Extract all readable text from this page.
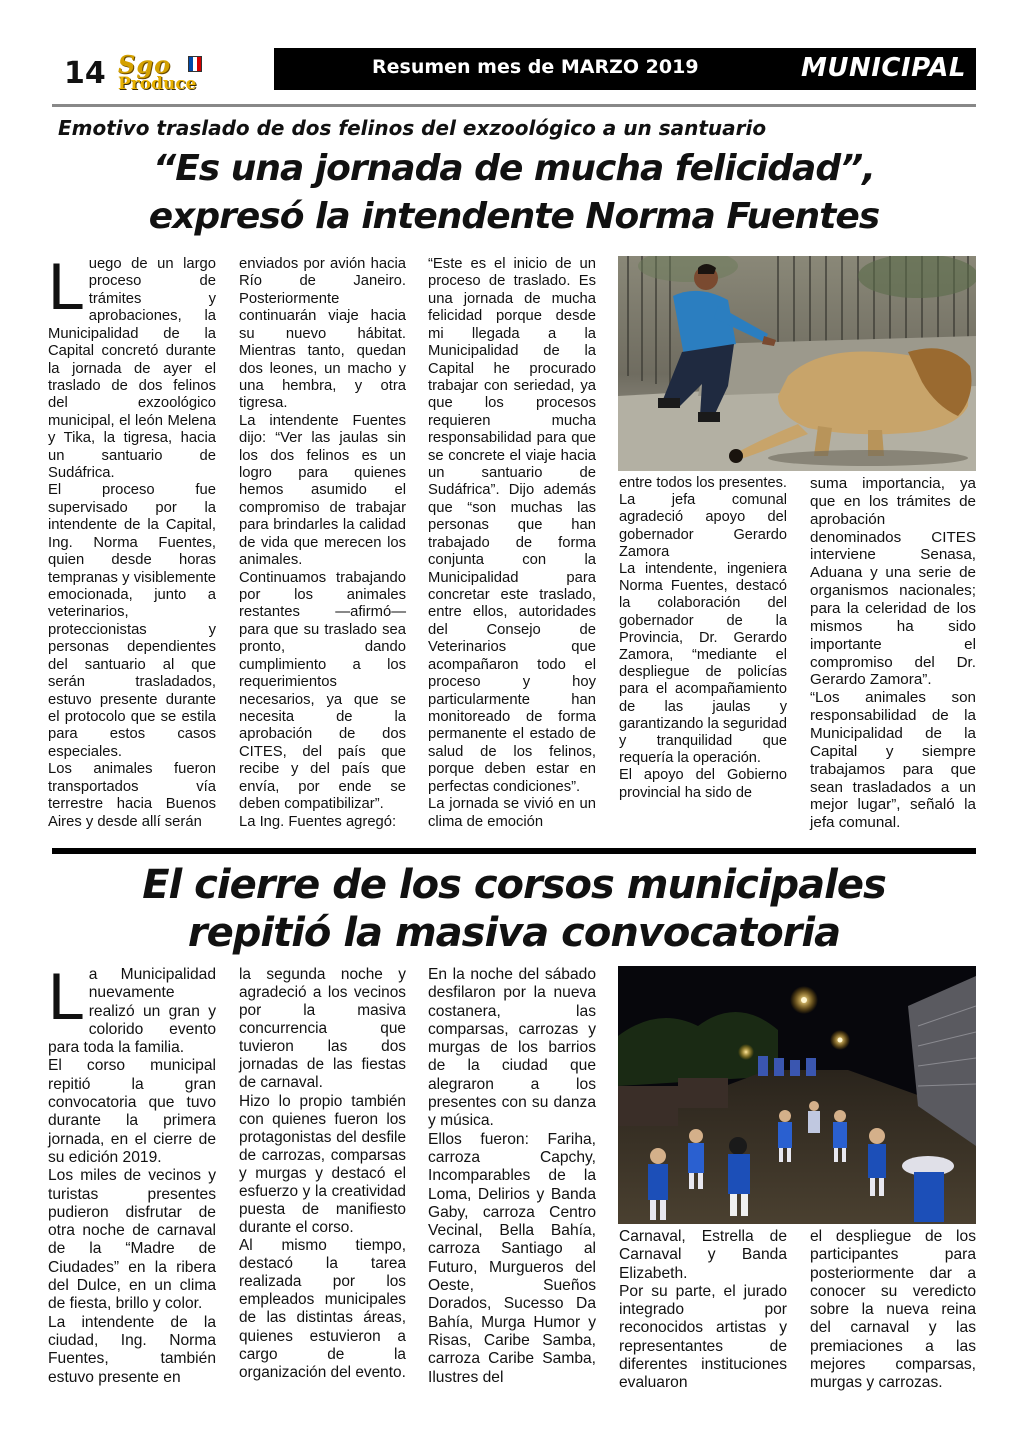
14 Sgo
Produce
Resumen mes de MARZO 2019	MUNICIPAL
Emotivo traslado de dos felinos del exzoológico a un santuario
“Es una jornada de mucha felicidad”,
expresó la intendente Norma Fuentes
L uego de un largo proceso de trámites y aprobaciones, la Municipalidad de la Capital concretó durante la jornada de ayer el traslado de dos felinos del exzoológico municipal, el león Melena y Tika, la tigresa, hacia un santuario de Sudáfrica.

El proceso fue supervisado por la intendente de la Capital, Ing. Norma Fuentes, quien desde horas tempranas y visiblemente emocionada, junto a veterinarios, proteccionistas y personas dependientes del santuario al que serán trasladados, estuvo presente durante el protocolo que se estila para estos casos especiales.

Los animales fueron transportados vía terrestre hacia Buenos Aires y desde allí serán

enviados por avión hacia Río de Janeiro. Posteriormente continuarán viaje hacia su nuevo hábitat. Mientras tanto, quedan dos leones, un macho y una hembra, y otra tigresa.

La intendente Fuentes dijo: “Ver las jaulas sin los dos felinos es un logro para quienes hemos asumido el compromiso de trabajar para brindarles la calidad de vida que merecen los animales.

Continuamos trabajando por los animales restantes —afirmó— para que su traslado sea pronto, dando cumplimiento a los requerimientos necesarios, ya que se necesita de la aprobación de dos CITES, del país que recibe y del país que envía, por ende se deben compatibilizar”.

La Ing. Fuentes agregó:

“Este es el inicio de un proceso de traslado. Es una jornada de mucha felicidad porque desde mi llegada a la Municipalidad de la Capital he procurado trabajar con seriedad, ya que los procesos requieren mucha responsabilidad para que se concrete el viaje hacia un santuario de Sudáfrica”. Dijo además que “son muchas las personas que han trabajado de forma conjunta con la Municipalidad para concretar este traslado, entre ellos, autoridades del Consejo de Veterinarios que acompañaron todo el proceso y hoy particularmente han monitoreado de forma permanente el estado de salud de los felinos, porque deben estar en perfectas condiciones”.

La jornada se vivió en un clima de emoción

entre todos los presentes.

La jefa comunal agradeció apoyo del gobernador Gerardo Zamora

La intendente, ingeniera Norma Fuentes, destacó la colaboración del gobernador de la Provincia, Dr. Gerardo Zamora, “mediante el despliegue de policías para el acompañamiento de las jaulas y garantizando la seguridad y tranquilidad que requería la operación.

El apoyo del Gobierno provincial ha sido de

suma importancia, ya que en los trámites de aprobación denominados CITES interviene Senasa, Aduana y una serie de organismos nacionales; para la celeridad de los mismos ha sido importante el compromiso del Dr. Gerardo Zamora”.

“Los animales son responsabilidad de la Municipalidad de la Capital y siempre trabajamos para que sean trasladados a un mejor lugar”, señaló la jefa comunal.

El cierre de los corsos municipales
repitió la masiva convocatoria
L a Municipalidad nuevamente realizó un gran y colorido evento para toda la familia.

El corso municipal repitió la gran convocatoria que tuvo durante la primera jornada, en el cierre de su edición 2019.

Los miles de vecinos y turistas presentes pudieron disfrutar de otra noche de carnaval de la “Madre de Ciudades” en la ribera del Dulce, en un clima de fiesta, brillo y color.

La intendente de la ciudad, Ing. Norma Fuentes, también estuvo presente en

la segunda noche y agradeció a los vecinos por la masiva concurrencia que tuvieron las dos jornadas de las fiestas de carnaval.

Hizo lo propio también con quienes fueron los protagonistas del desfile de carrozas, comparsas y murgas y destacó el esfuerzo y la creatividad puesta de manifiesto durante el corso.

Al mismo tiempo, destacó la tarea realizada por los empleados municipales de las distintas áreas, quienes estuvieron a cargo de la organización del evento.

En la noche del sábado desfilaron por la nueva costanera, las comparsas, carrozas y murgas de los barrios de la ciudad que alegraron a los presentes con su danza y música.

Ellos fueron: Fariha, carroza Capchy, Incomparables de la Loma, Delirios y Banda Gaby, carroza Centro Vecinal, Bella Bahía, carroza Santiago al Futuro, Murgueros del Oeste, Sueños Dorados, Sucesso Da Bahía, Murga Humor y Risas, Caribe Samba, carroza Caribe Samba, Ilustres del

Carnaval, Estrella de Carnaval y Banda Elizabeth.

Por su parte, el jurado integrado por reconocidos artistas y representantes de diferentes instituciones evaluaron

el despliegue de los participantes para posteriormente dar a conocer su veredicto sobre la nueva reina del carnaval y las premiaciones a las mejores comparsas, murgas y carrozas.
